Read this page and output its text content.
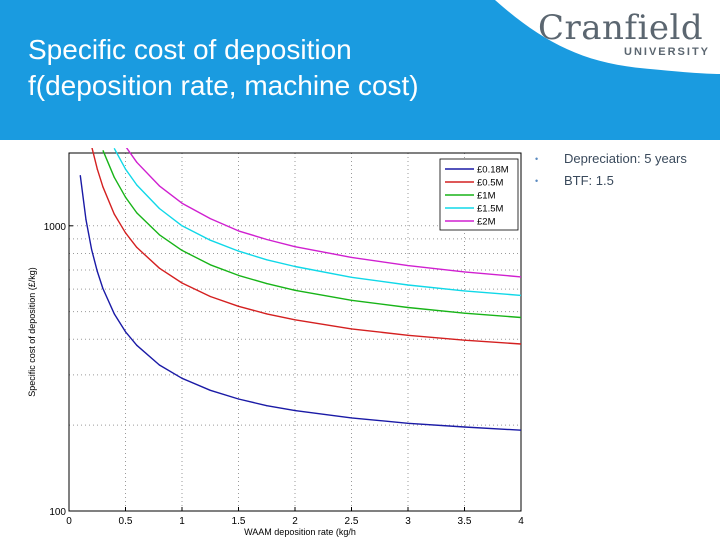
Specific cost of deposition
f(deposition rate, machine cost)
Cranfield
UNIVERSITY
0	0.5	1	1.5	2	2.5	3	3.5	4
100
1000
WAAM deposition rate (kg/h
Specific cost of deposition (£/kg)
£0.18M
£0.5M
£1M
£1.5M
£2M
• Depreciation: 5 years
• BTF: 1.5
